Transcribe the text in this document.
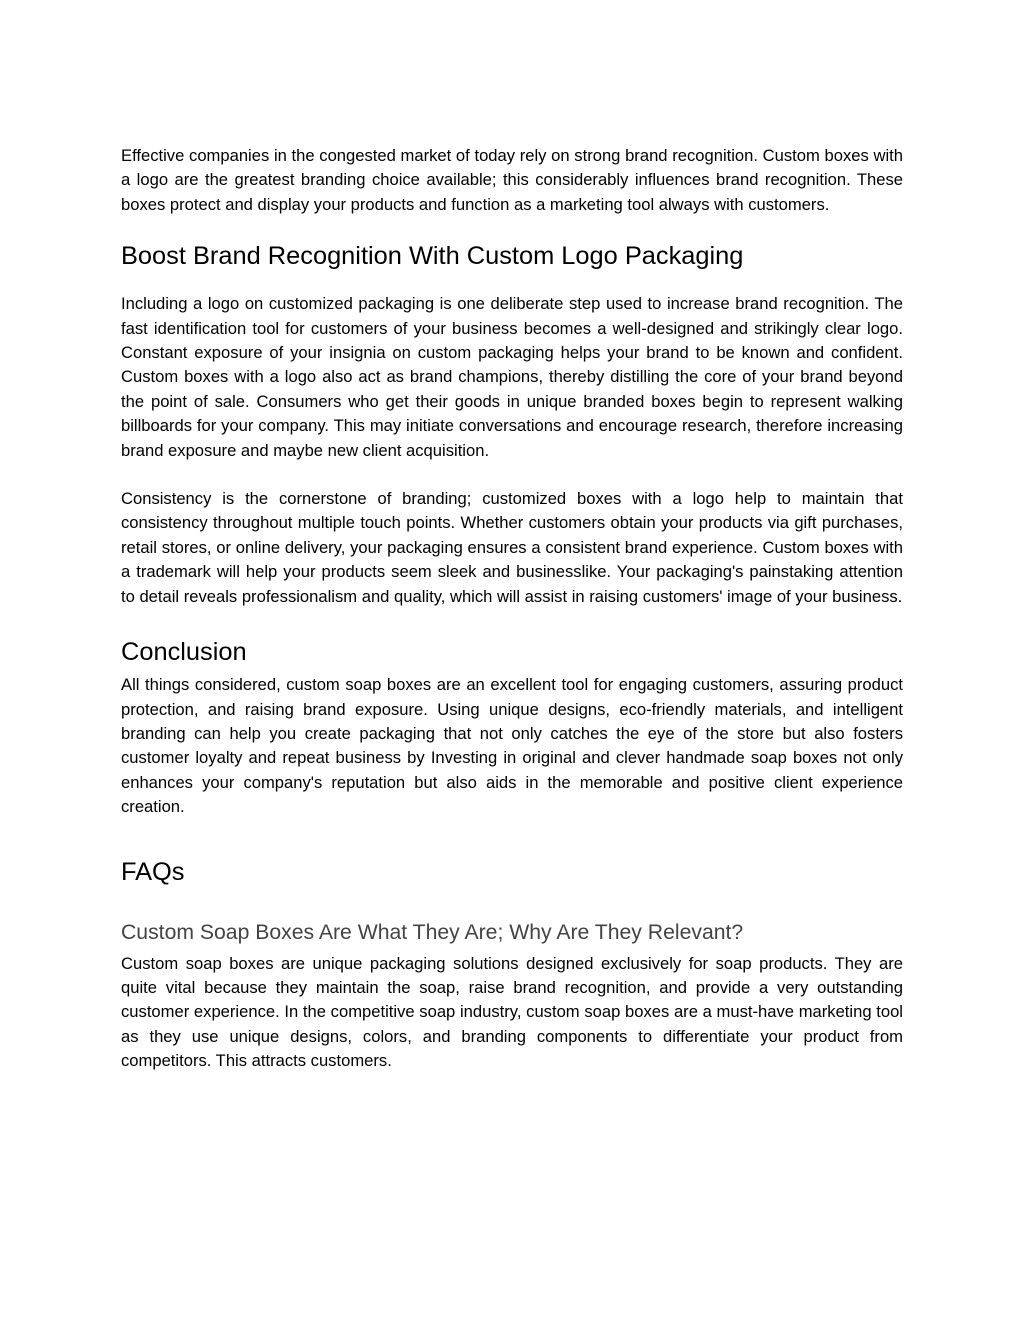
Effective companies in the congested market of today rely on strong brand recognition. Custom boxes with a logo are the greatest branding choice available; this considerably influences brand recognition. These boxes protect and display your products and function as a marketing tool always with customers.

Boost Brand Recognition With Custom Logo Packaging

Including a logo on customized packaging is one deliberate step used to increase brand recognition. The fast identification tool for customers of your business becomes a well-designed and strikingly clear logo. Constant exposure of your insignia on custom packaging helps your brand to be known and confident. Custom boxes with a logo also act as brand champions, thereby distilling the core of your brand beyond the point of sale. Consumers who get their goods in unique branded boxes begin to represent walking billboards for your company. This may initiate conversations and encourage research, therefore increasing brand exposure and maybe new client acquisition.

Consistency is the cornerstone of branding; customized boxes with a logo help to maintain that consistency throughout multiple touch points. Whether customers obtain your products via gift purchases, retail stores, or online delivery, your packaging ensures a consistent brand experience. Custom boxes with a trademark will help your products seem sleek and businesslike. Your packaging's painstaking attention to detail reveals professionalism and quality, which will assist in raising customers' image of your business.

Conclusion

All things considered, custom soap boxes are an excellent tool for engaging customers, assuring product protection, and raising brand exposure. Using unique designs, eco-friendly materials, and intelligent branding can help you create packaging that not only catches the eye of the store but also fosters customer loyalty and repeat business by Investing in original and clever handmade soap boxes not only enhances your company's reputation but also aids in the memorable and positive client experience creation.

FAQs
Custom Soap Boxes Are What They Are; Why Are They Relevant?

Custom soap boxes are unique packaging solutions designed exclusively for soap products. They are quite vital because they maintain the soap, raise brand recognition, and provide a very outstanding customer experience. In the competitive soap industry, custom soap boxes are a must-have marketing tool as they use unique designs, colors, and branding components to differentiate your product from competitors. This attracts customers.
